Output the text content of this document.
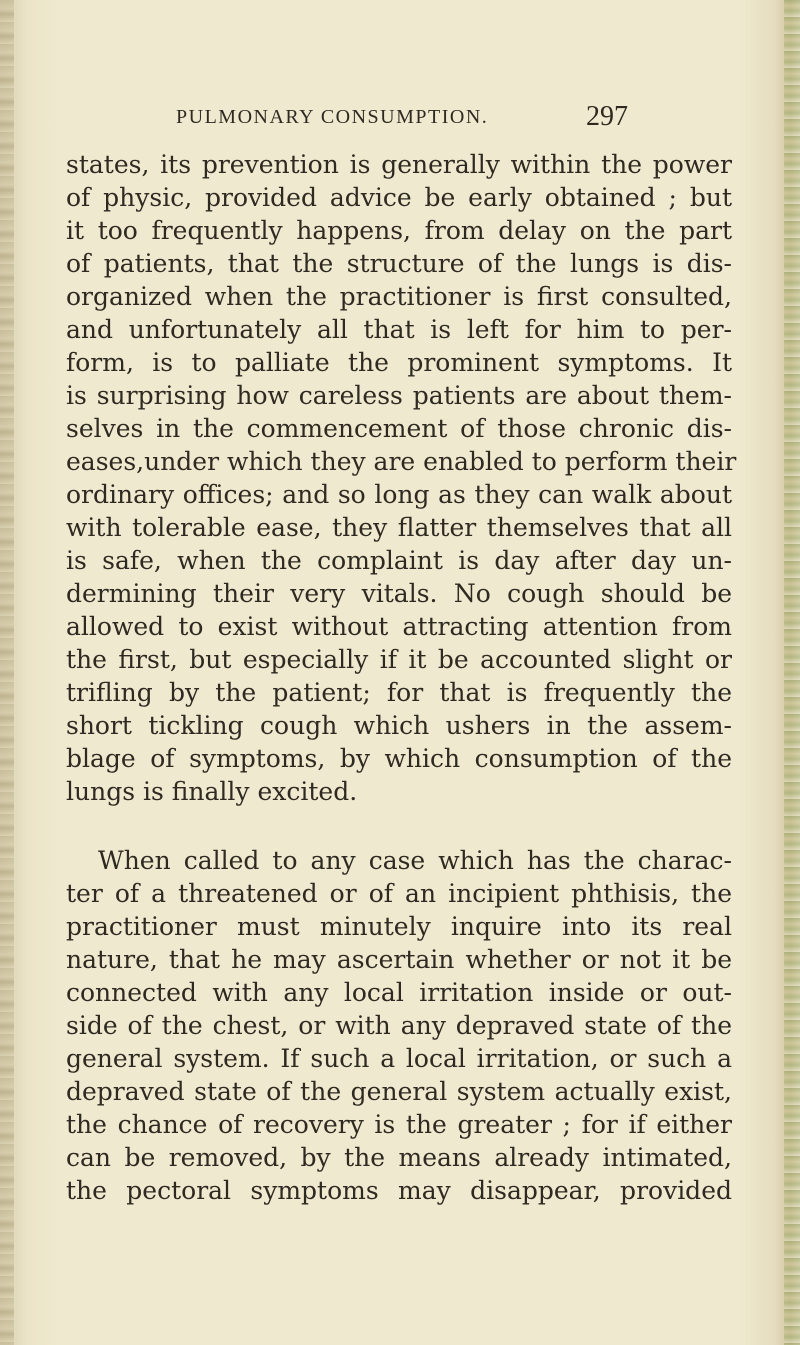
PULMONARY CONSUMPTION.	297
states, its prevention is generally within the power
of physic, provided advice be early obtained ; but
it too frequently happens, from delay on the part
of patients, that the structure of the lungs is dis-
organized when the practitioner is first consulted,
and unfortunately all that is left for him to per-
form, is to palliate the prominent symptoms. It
is surprising how careless patients are about them-
selves in the commencement of those chronic dis-
eases,under which they are enabled to perform their
ordinary offices; and so long as they can walk about
with tolerable ease, they flatter themselves that all
is safe, when the complaint is day after day un-
dermining their very vitals. No cough should be
allowed to exist without attracting attention from
the first, but especially if it be accounted slight or
trifling by the patient; for that is frequently the
short tickling cough which ushers in the assem-
blage of symptoms, by which consumption of the
lungs is finally excited.
When called to any case which has the charac-
ter of a threatened or of an incipient phthisis, the
practitioner must minutely inquire into its real
nature, that he may ascertain whether or not it be
connected with any local irritation inside or out-
side of the chest, or with any depraved state of the
general system. If such a local irritation, or such a
depraved state of the general system actually exist,
the chance of recovery is the greater ; for if either
can be removed, by the means already intimated,
the pectoral symptoms may disappear, provided
